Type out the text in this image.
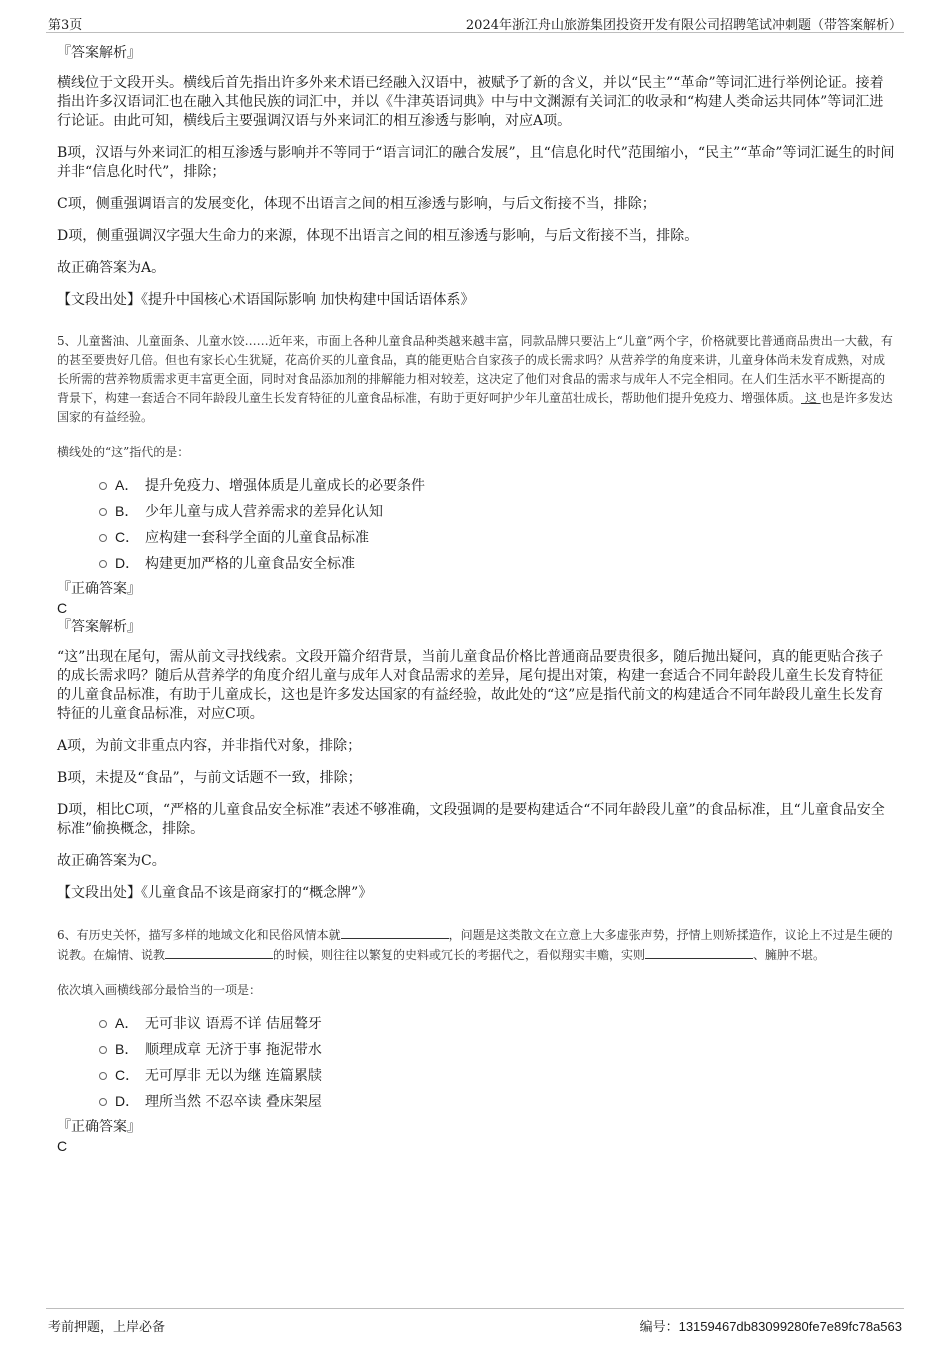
第3页	2024年浙江舟山旅游集团投资开发有限公司招聘笔试冲刺题（带答案解析）
『答案解析』

横线位于文段开头。横线后首先指出许多外来术语已经融入汉语中，被赋予了新的含义，并以“民主”“革命”等词汇进行举例论证。接着指出许多汉语词汇也在融入其他民族的词汇中，并以《牛津英语词典》中与中文渊源有关词汇的收录和“构建人类命运共同体”等词汇进行论证。由此可知，横线后主要强调汉语与外来词汇的相互渗透与影响，对应A项。

B项，汉语与外来词汇的相互渗透与影响并不等同于“语言词汇的融合发展”，且“信息化时代”范围缩小，“民主”“革命”等词汇诞生的时间并非“信息化时代”，排除；

C项，侧重强调语言的发展变化，体现不出语言之间的相互渗透与影响，与后文衔接不当，排除；

D项，侧重强调汉字强大生命力的来源，体现不出语言之间的相互渗透与影响，与后文衔接不当，排除。

故正确答案为A。

【文段出处】《提升中国核心术语国际影响 加快构建中国话语体系》

5、儿童酱油、儿童面条、儿童水饺……近年来，市面上各种儿童食品种类越来越丰富，同款品牌只要沾上“儿童”两个字，价格就要比普通商品贵出一大截，有的甚至要贵好几倍。但也有家长心生犹疑，花高价买的儿童食品，真的能更贴合自家孩子的成长需求吗？从营养学的角度来讲，儿童身体尚未发育成熟，对成长所需的营养物质需求更丰富更全面，同时对食品添加剂的排解能力相对较差，这决定了他们对食品的需求与成年人不完全相同。在人们生活水平不断提高的背景下，构建一套适合不同年龄段儿童生长发育特征的儿童食品标准，有助于更好呵护少年儿童茁壮成长，帮助他们提升免疫力、增强体质。 这 也是许多发达国家的有益经验。

横线处的“这”指代的是：

A． 提升免疫力、增强体质是儿童成长的必要条件
B． 少年儿童与成人营养需求的差异化认知
C． 应构建一套科学全面的儿童食品标准
D． 构建更加严格的儿童食品安全标准
『正确答案』
C
『答案解析』

“这”出现在尾句，需从前文寻找线索。文段开篇介绍背景，当前儿童食品价格比普通商品要贵很多，随后抛出疑问，真的能更贴合孩子的成长需求吗？随后从营养学的角度介绍儿童与成年人对食品需求的差异，尾句提出对策，构建一套适合不同年龄段儿童生长发育特征的儿童食品标准，有助于儿童成长，这也是许多发达国家的有益经验，故此处的“这”应是指代前文的构建适合不同年龄段儿童生长发育特征的儿童食品标准，对应C项。

A项，为前文非重点内容，并非指代对象，排除；

B项，未提及“食品”，与前文话题不一致，排除；

D项，相比C项，“严格的儿童食品安全标准”表述不够准确，文段强调的是要构建适合“不同年龄段儿童”的食品标准，且“儿童食品安全标准”偷换概念，排除。

故正确答案为C。

【文段出处】《儿童食品不该是商家打的“概念牌”》

6、有历史关怀，描写多样的地域文化和民俗风情本就	，问题是这类散文在立意上大多虚张声势，抒情上则矫揉造作，议论上不过是生硬的说教。在煽情、说教	的时候，则往往以繁复的史料或冗长的考据代之，看似翔实丰赡，实则	、臃肿不堪。

依次填入画横线部分最恰当的一项是：

A． 无可非议 语焉不详 佶屈聱牙
B． 顺理成章 无济于事 拖泥带水
C． 无可厚非 无以为继 连篇累牍
D． 理所当然 不忍卒读 叠床架屋
『正确答案』
C
考前押题，上岸必备	编号：13159467db83099280fe7e89fc78a563
